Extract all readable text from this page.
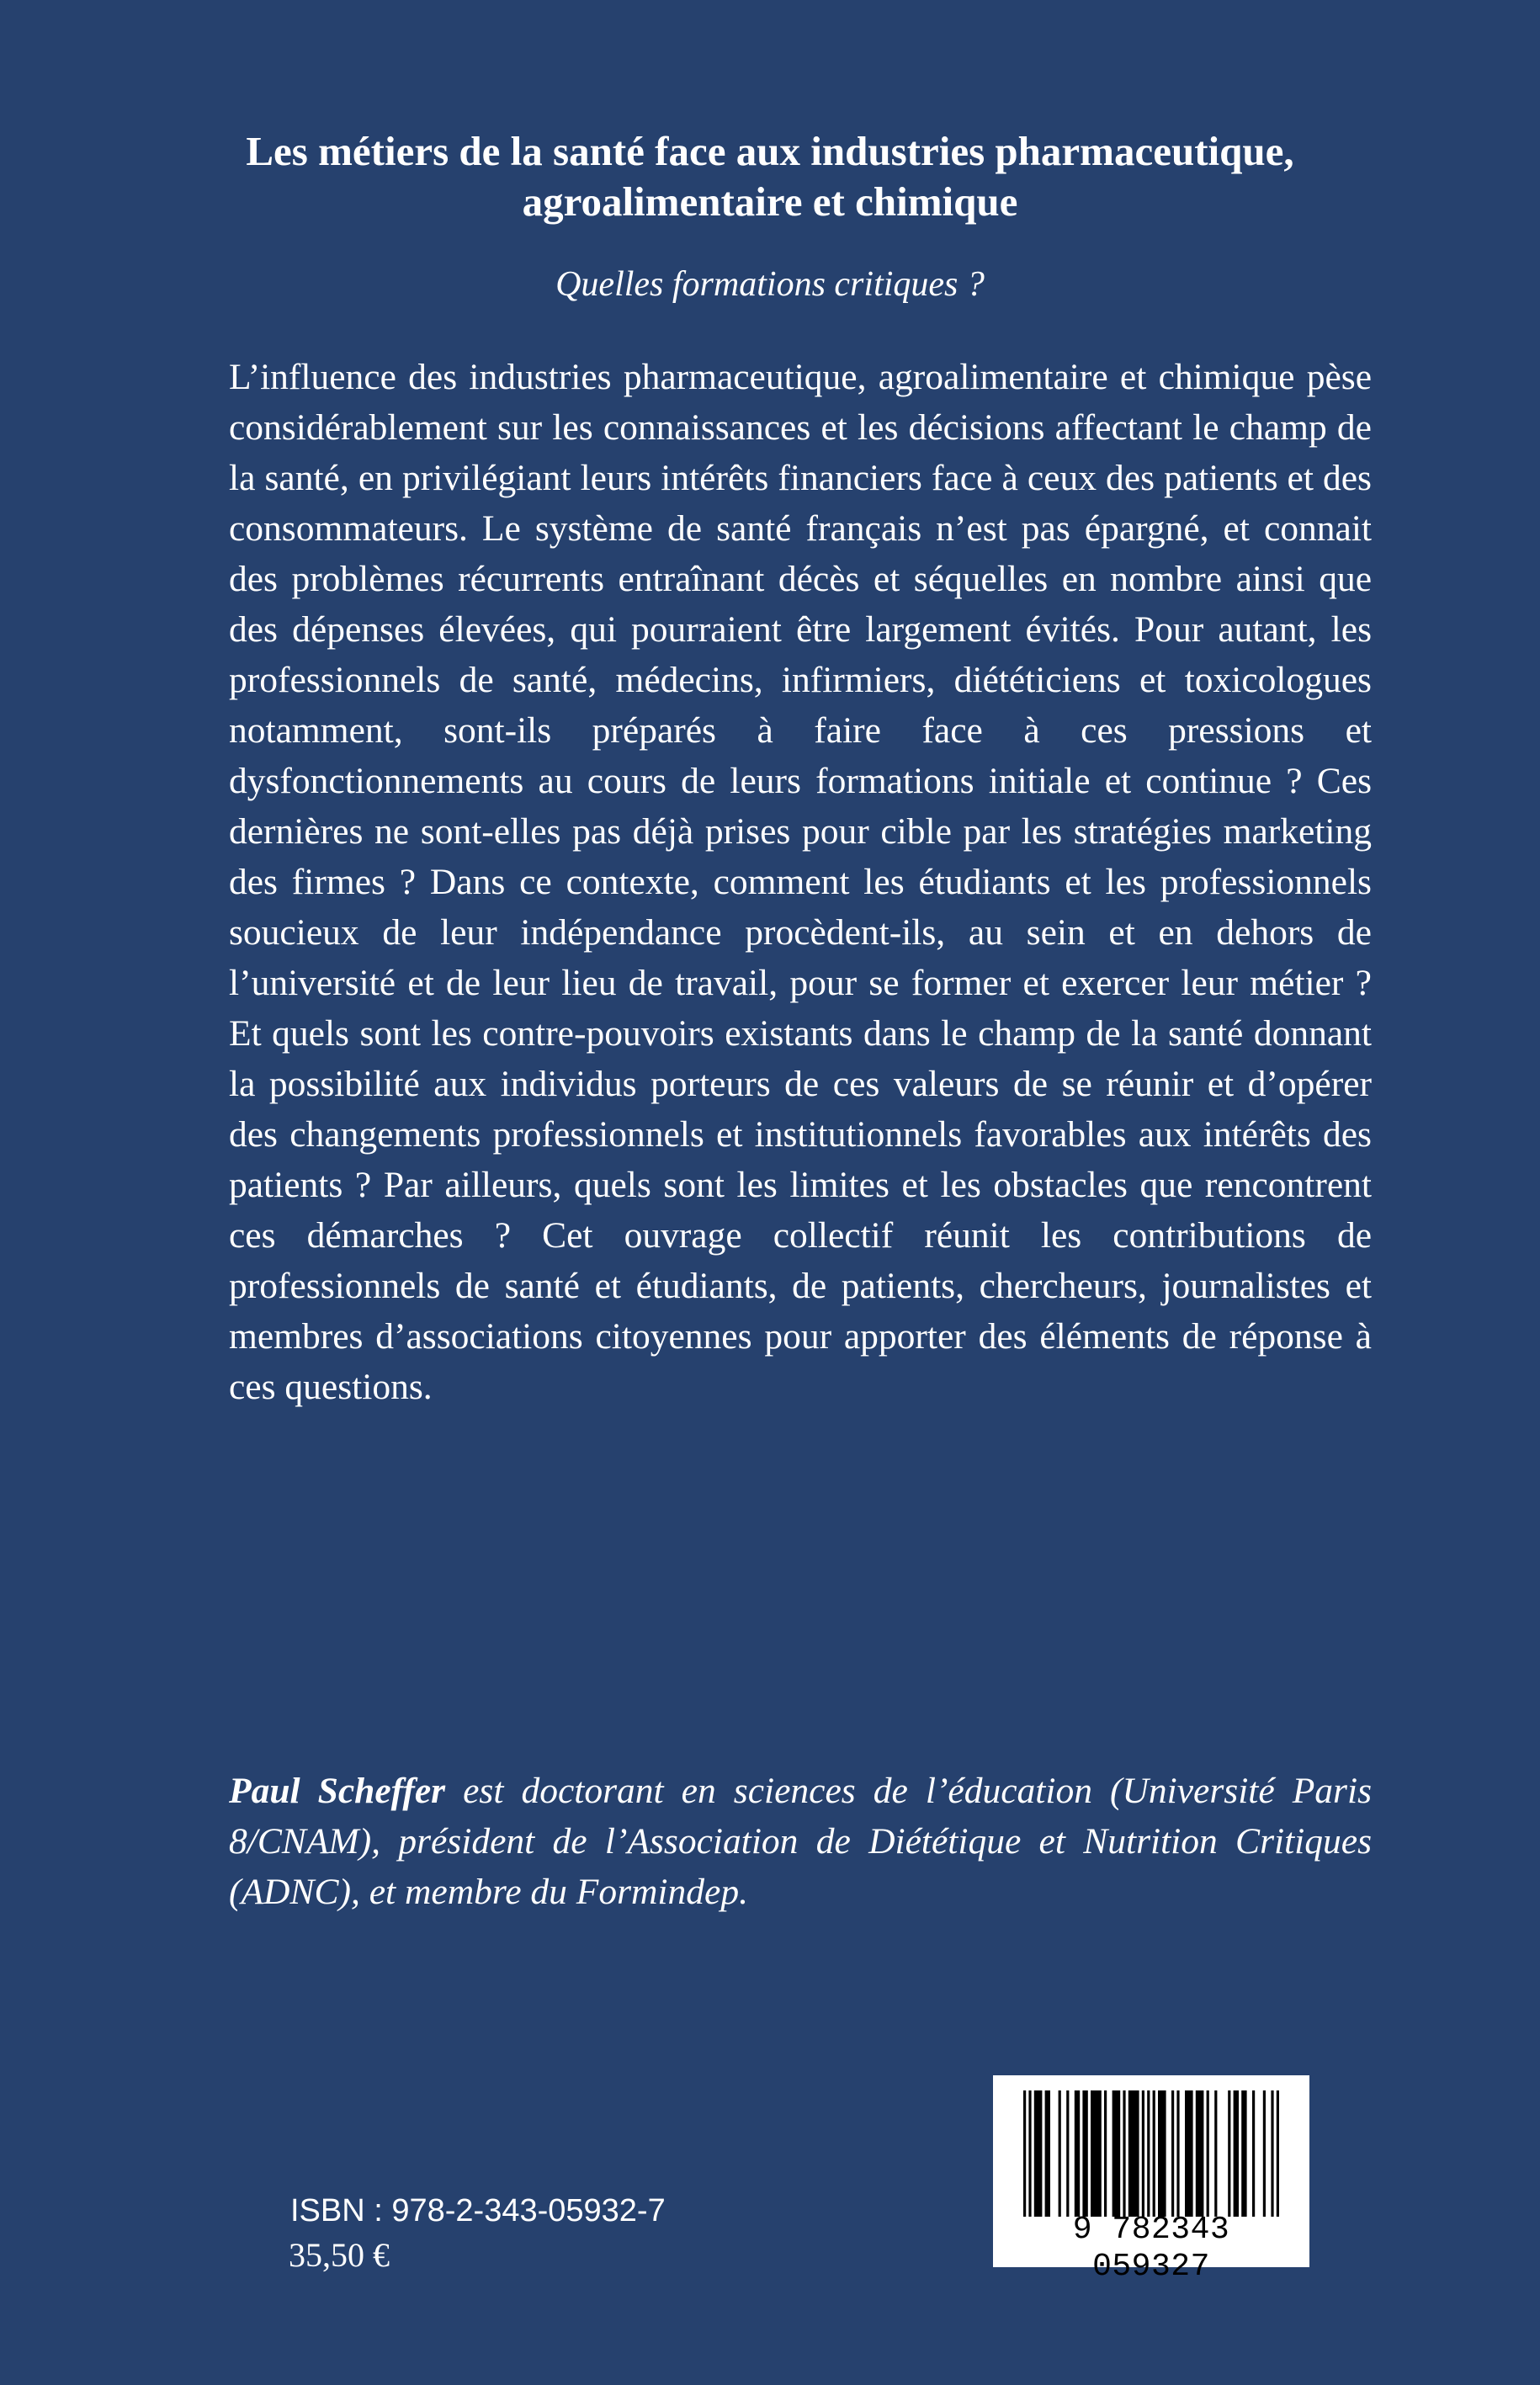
Les métiers de la santé face aux industries pharmaceutique,
agroalimentaire et chimique
Quelles formations critiques ?

L’influence des industries pharmaceutique, agroalimentaire et chimique pèse considérablement sur les connaissances et les décisions affectant le champ de la santé, en privilégiant leurs intérêts financiers face à ceux des patients et des consommateurs. Le système de santé français n’est pas épargné, et connait des problèmes récurrents entraînant décès et séquelles en nombre ainsi que des dépenses élevées, qui pourraient être largement évités. Pour autant, les professionnels de santé, médecins, infirmiers, diététiciens et toxicologues notamment, sont-ils préparés à faire face à ces pressions et dysfonctionnements au cours de leurs formations initiale et continue ? Ces dernières ne sont-elles pas déjà prises pour cible par les stratégies marketing des firmes ? Dans ce contexte, comment les étudiants et les professionnels soucieux de leur indépendance procèdent-ils, au sein et en dehors de l’université et de leur lieu de travail, pour se former et exercer leur métier ? Et quels sont les contre-pouvoirs existants dans le champ de la santé donnant la possibilité aux individus porteurs de ces valeurs de se réunir et d’opérer des changements professionnels et institutionnels favorables aux intérêts des patients ? Par ailleurs, quels sont les limites et les obstacles que rencontrent ces démarches ? Cet ouvrage collectif réunit les contributions de professionnels de santé et étudiants, de patients, chercheurs, journalistes et membres d’associations citoyennes pour apporter des éléments de réponse à ces questions.

Paul Scheffer est doctorant en sciences de l’éducation (Université Paris 8/CNAM), président de l’Association de Diététique et Nutrition Critiques (ADNC), et membre du Formindep.

ISBN : 978-2-343-05932-7
35,50 €
9 782343 059327
